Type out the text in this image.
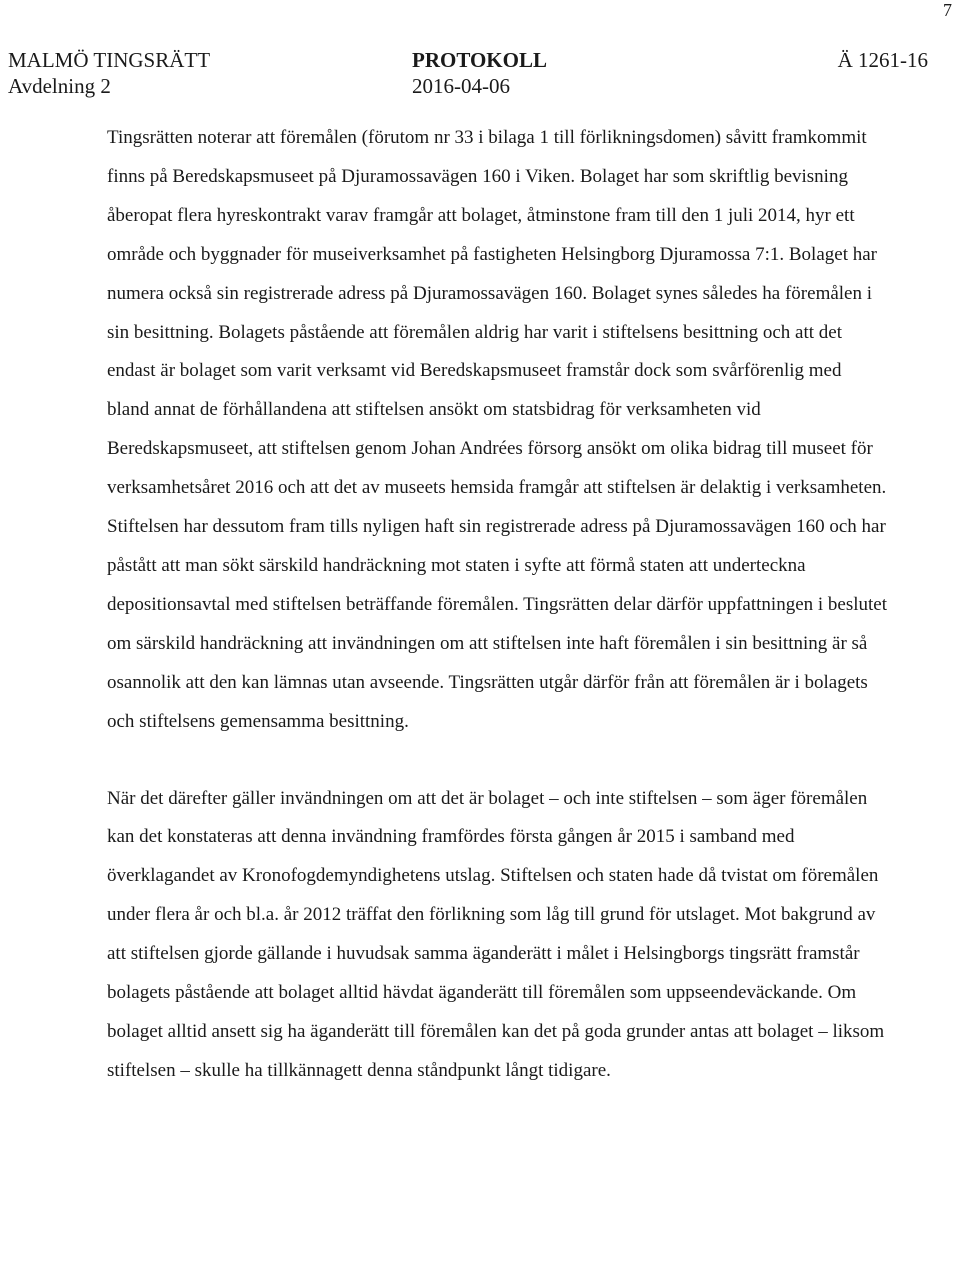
7
MALMÖ TINGSRÄTT	PROTOKOLL	Ä 1261-16
Avdelning 2	2016-04-06

Tingsrätten noterar att föremålen (förutom nr 33 i bilaga 1 till förlikningsdomen) såvitt framkommit finns på Beredskapsmuseet på Djuramossavägen 160 i Viken. Bolaget har som skriftlig bevisning åberopat flera hyreskontrakt varav framgår att bolaget, åtminstone fram till den 1 juli 2014, hyr ett område och byggnader för museiverksamhet på fastigheten Helsingborg Djuramossa 7:1. Bolaget har numera också sin registrerade adress på Djuramossavägen 160. Bolaget synes således ha föremålen i sin besittning. Bolagets påstående att föremålen aldrig har varit i stiftelsens besittning och att det endast är bolaget som varit verksamt vid Beredskapsmuseet framstår dock som svårförenlig med bland annat de förhållandena att stiftelsen ansökt om statsbidrag för verksamheten vid Beredskapsmuseet, att stiftelsen genom Johan Andrées försorg ansökt om olika bidrag till museet för verksamhetsåret 2016 och att det av museets hemsida framgår att stiftelsen är delaktig i verksamheten. Stiftelsen har dessutom fram tills nyligen haft sin registrerade adress på Djuramossavägen 160 och har påstått att man sökt särskild handräckning mot staten i syfte att förmå staten att underteckna depositionsavtal med stiftelsen beträffande föremålen. Tingsrätten delar därför uppfattningen i beslutet om särskild handräckning att invändningen om att stiftelsen inte haft föremålen i sin besittning är så osannolik att den kan lämnas utan avseende. Tingsrätten utgår därför från att föremålen är i bolagets och stiftelsens gemensamma besittning.

När det därefter gäller invändningen om att det är bolaget – och inte stiftelsen – som äger föremålen kan det konstateras att denna invändning framfördes första gången år 2015 i samband med överklagandet av Kronofogdemyndighetens utslag. Stiftelsen och staten hade då tvistat om föremålen under flera år och bl.a. år 2012 träffat den förlikning som låg till grund för utslaget. Mot bakgrund av att stiftelsen gjorde gällande i huvudsak samma äganderätt i målet i Helsingborgs tingsrätt framstår bolagets påstående att bolaget alltid hävdat äganderätt till föremålen som uppseendeväckande. Om bolaget alltid ansett sig ha äganderätt till föremålen kan det på goda grunder antas att bolaget – liksom stiftelsen – skulle ha tillkännagett denna ståndpunkt långt tidigare.
